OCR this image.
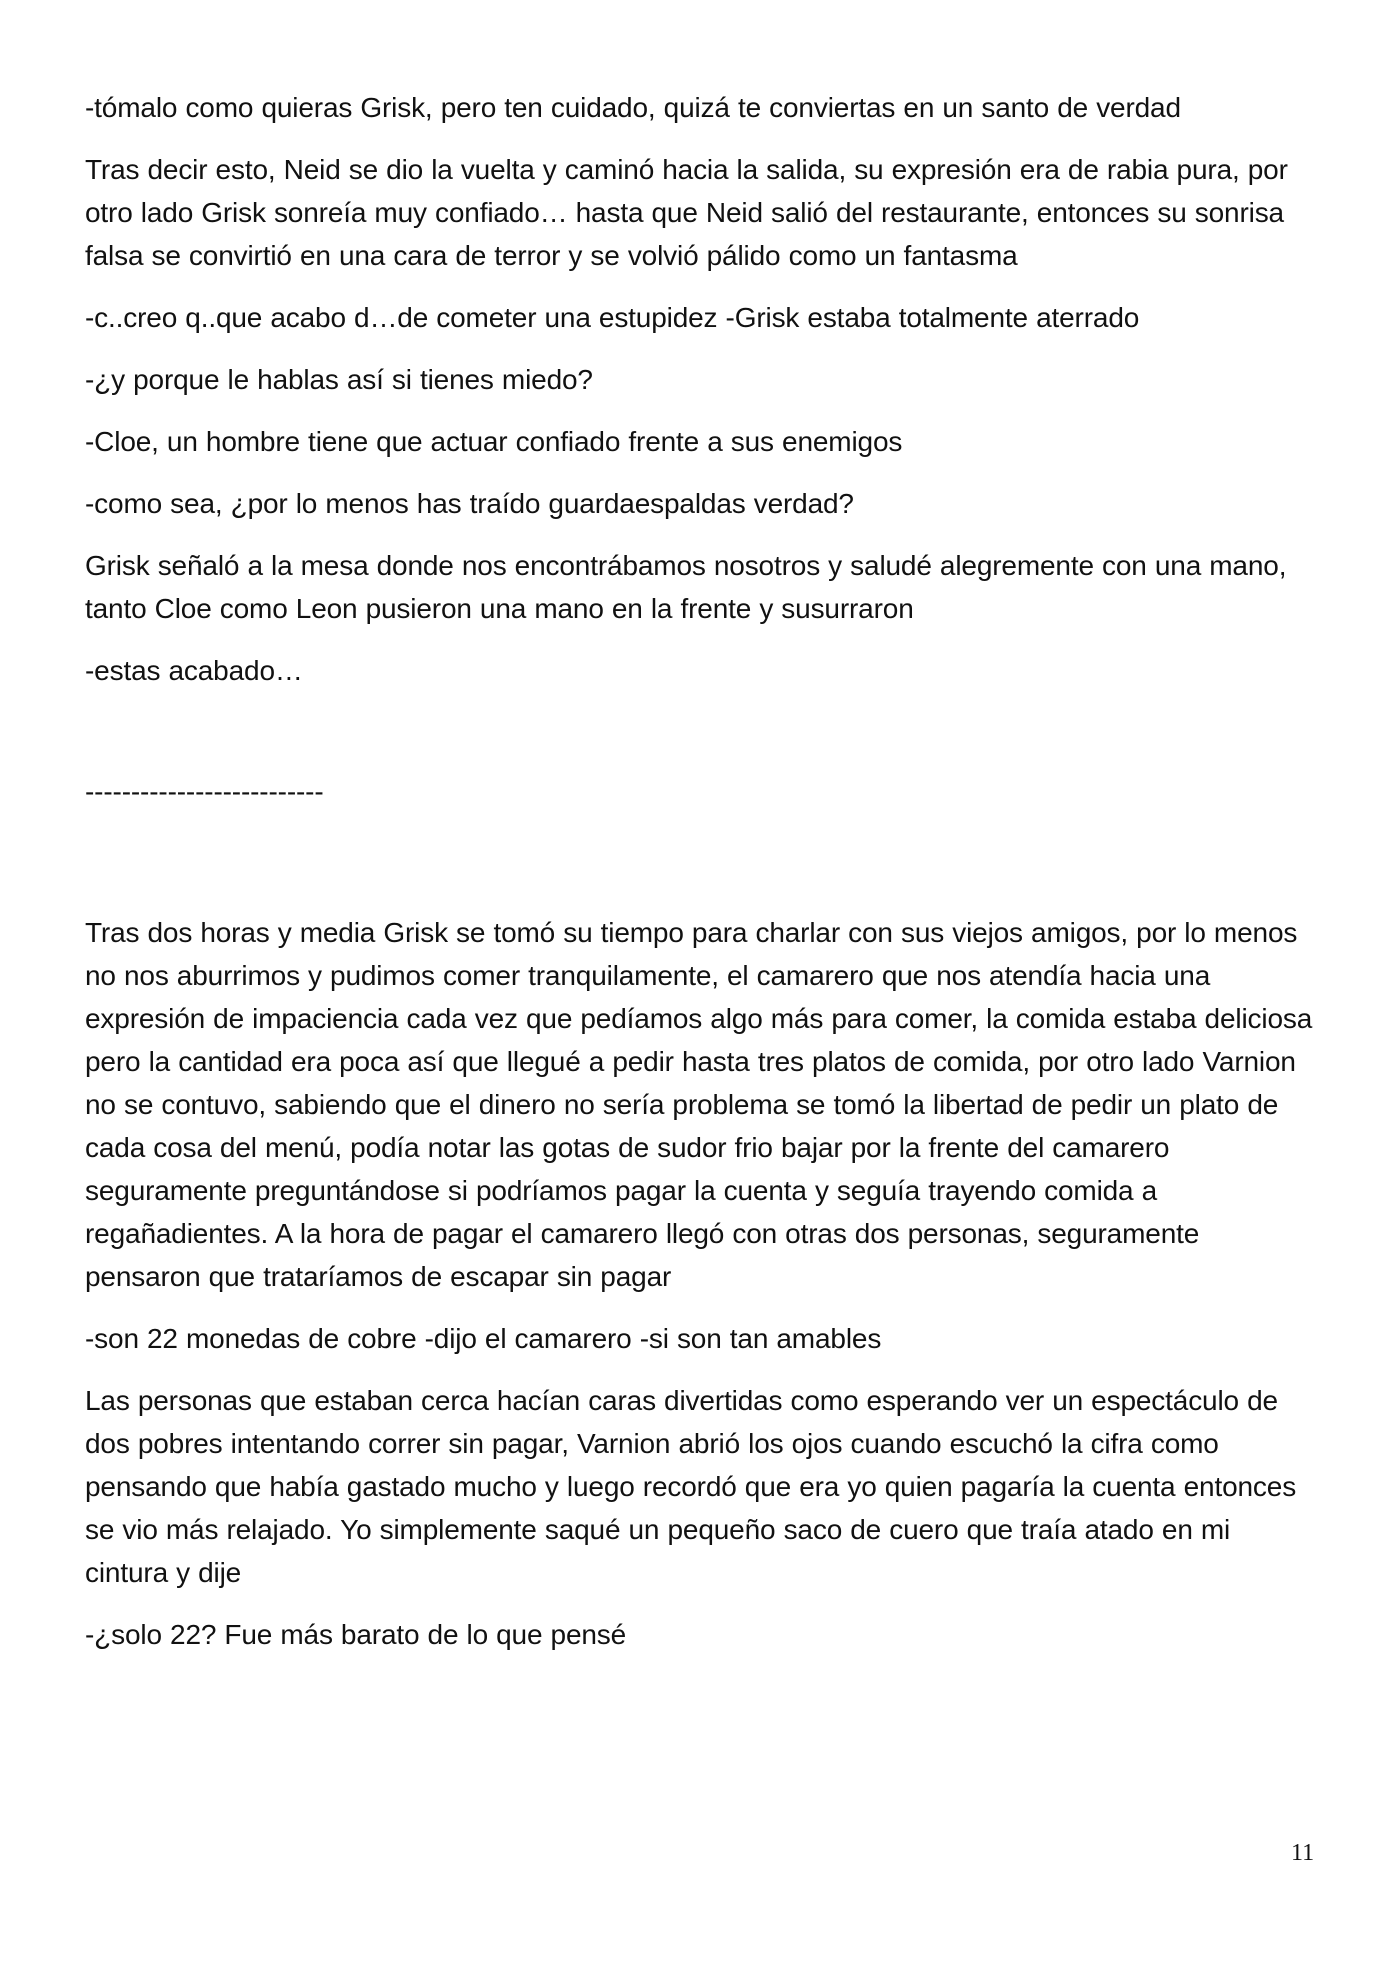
-tómalo como quieras Grisk, pero ten cuidado, quizá te conviertas en un santo de verdad

Tras decir esto, Neid se dio la vuelta y caminó hacia la salida, su expresión era de rabia pura, por otro lado Grisk sonreía muy confiado… hasta que Neid salió del restaurante, entonces su sonrisa falsa se convirtió en una cara de terror y se volvió pálido como un fantasma

-c..creo q..que acabo d…de cometer una estupidez -Grisk estaba totalmente aterrado

-¿y porque le hablas así si tienes miedo?

-Cloe, un hombre tiene que actuar confiado frente a sus enemigos

-como sea, ¿por lo menos has traído guardaespaldas verdad?

Grisk señaló a la mesa donde nos encontrábamos nosotros y saludé alegremente con una mano, tanto Cloe como Leon pusieron una mano en la frente y susurraron

-estas acabado…

--------------------------

Tras dos horas y media Grisk se tomó su tiempo para charlar con sus viejos amigos, por lo menos no nos aburrimos y pudimos comer tranquilamente, el camarero que nos atendía hacia una expresión de impaciencia cada vez que pedíamos algo más para comer, la comida estaba deliciosa pero la cantidad era poca así que llegué a pedir hasta tres platos de comida, por otro lado Varnion no se contuvo, sabiendo que el dinero no sería problema se tomó la libertad de pedir un plato de cada cosa del menú, podía notar las gotas de sudor frio bajar por la frente del camarero seguramente preguntándose si podríamos pagar la cuenta y seguía trayendo comida a regañadientes. A la hora de pagar el camarero llegó con otras dos personas, seguramente pensaron que trataríamos de escapar sin pagar

-son 22 monedas de cobre -dijo el camarero -si son tan amables

Las personas que estaban cerca hacían caras divertidas como esperando ver un espectáculo de dos pobres intentando correr sin pagar, Varnion abrió los ojos cuando escuchó la cifra como pensando que había gastado mucho y luego recordó que era yo quien pagaría la cuenta entonces se vio más relajado. Yo simplemente saqué un pequeño saco de cuero que traía atado en mi cintura y dije

-¿solo 22? Fue más barato de lo que pensé

11
